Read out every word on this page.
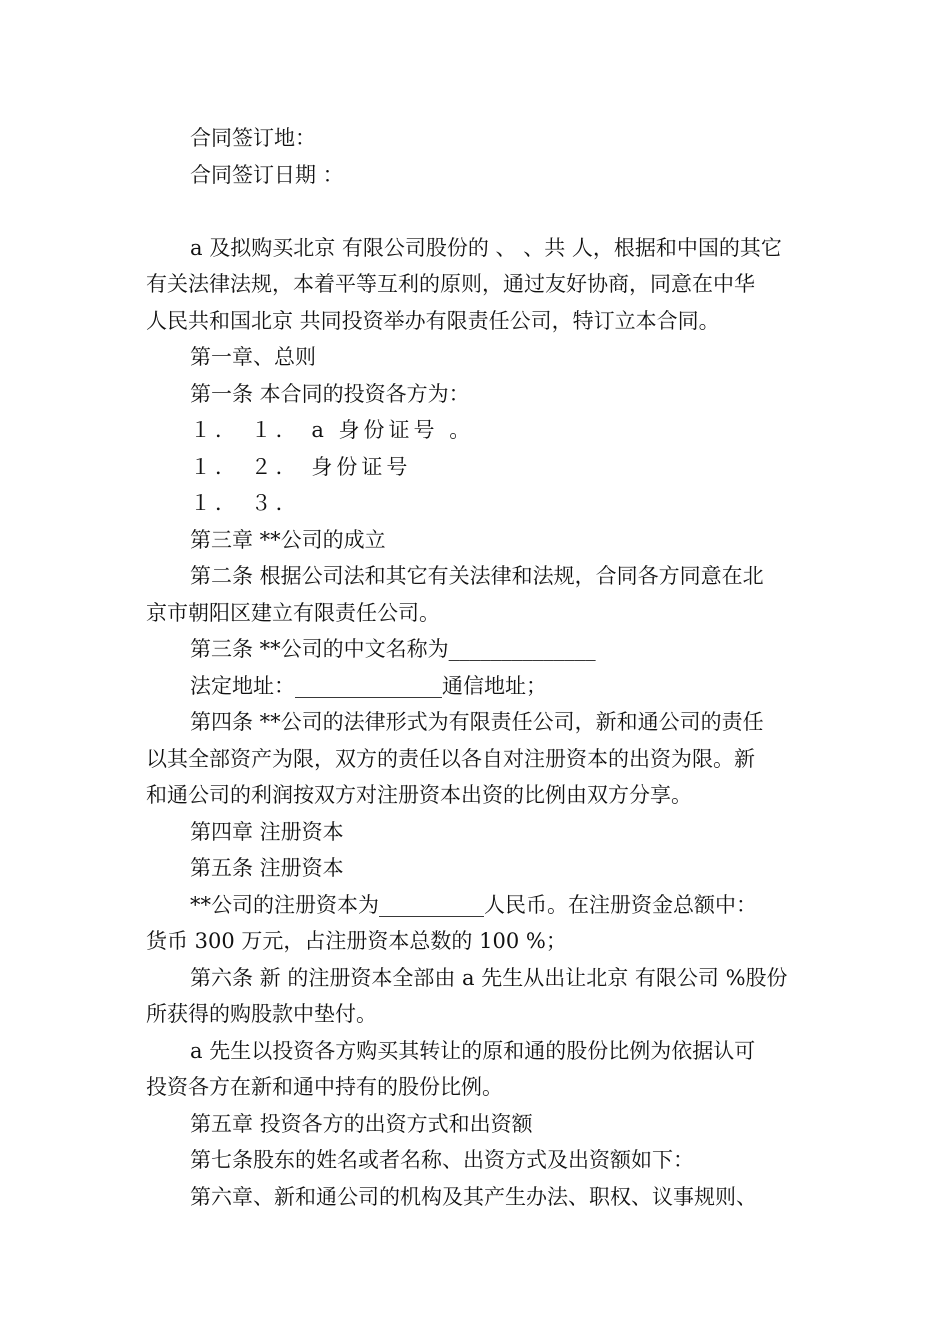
合同签订地：
合同签订日期 ：
a 及拟购买北京 有限公司股份的 、 、共 人，根据和中国的其它
有关法律法规，本着平等互利的原则，通过友好协商，同意在中华
人民共和国北京 共同投资举办有限责任公司，特订立本合同。
第一章、总则
第一条 本合同的投资各方为：
１． １． a 身份证号 。
１． ２． 身份证号
１． ３．
第三章 **公司的成立
第二条 根据公司法和其它有关法律和法规，合同各方同意在北
京市朝阳区建立有限责任公司。
第三条 **公司的中文名称为______________
法定地址：______________通信地址；
第四条 **公司的法律形式为有限责任公司，新和通公司的责任
以其全部资产为限，双方的责任以各自对注册资本的出资为限。新
和通公司的利润按双方对注册资本出资的比例由双方分享。
第四章 注册资本
第五条 注册资本
**公司的注册资本为__________人民币。在注册资金总额中：
货币 300 万元，占注册资本总数的 100 %；
第六条 新 的注册资本全部由 a 先生从出让北京 有限公司 %股份
所获得的购股款中垫付。
a 先生以投资各方购买其转让的原和通的股份比例为依据认可
投资各方在新和通中持有的股份比例。
第五章 投资各方的出资方式和出资额
第七条股东的姓名或者名称、出资方式及出资额如下：
第六章、新和通公司的机构及其产生办法、职权、议事规则、
